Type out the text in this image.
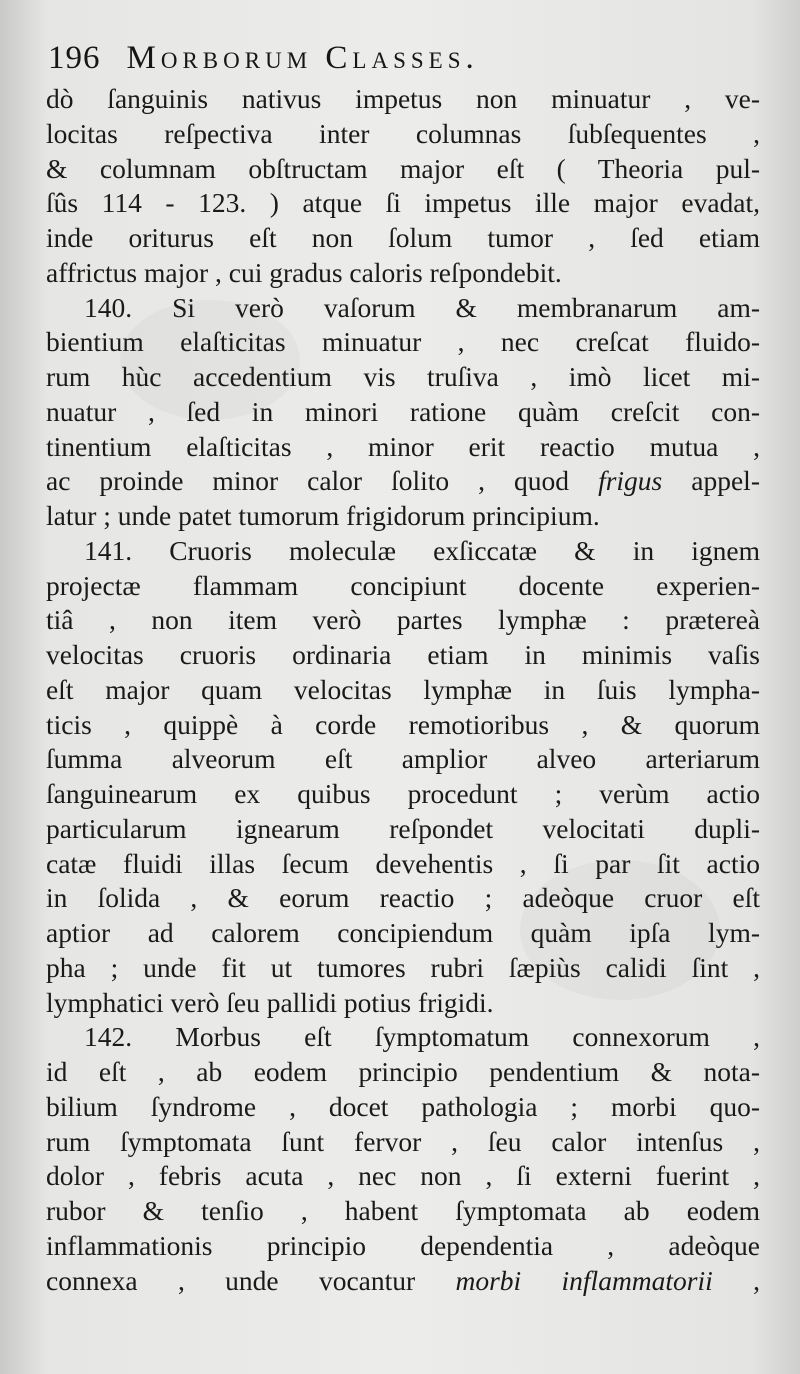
196 Morborum Classes.
dò ſanguinis nativus impetus non minuatur , ve-
locitas reſpectiva inter columnas ſubſequentes ,
& columnam obſtructam major eſt ( Theoria pul-
ſûs 114 - 123. ) atque ſi impetus ille major evadat,
inde oriturus eſt non ſolum tumor , ſed etiam
affrictus major , cui gradus caloris reſpondebit.
140. Si verò vaſorum & membranarum am-
bientium elaſticitas minuatur , nec creſcat fluido-
rum hùc accedentium vis truſiva , imò licet mi-
nuatur , ſed in minori ratione quàm creſcit con-
tinentium elaſticitas , minor erit reactio mutua ,
ac proinde minor calor ſolito , quod frigus appel-
latur ; unde patet tumorum frigidorum principium.
141. Cruoris moleculæ exſiccatæ & in ignem
projectæ flammam concipiunt docente experien-
tiâ , non item verò partes lymphæ : prætereà
velocitas cruoris ordinaria etiam in minimis vaſis
eſt major quam velocitas lymphæ in ſuis lympha-
ticis , quippè à corde remotioribus , & quorum
ſumma alveorum eſt amplior alveo arteriarum
ſanguinearum ex quibus procedunt ; verùm actio
particularum ignearum reſpondet velocitati dupli-
catæ fluidi illas ſecum devehentis , ſi par ſit actio
in ſolida , & eorum reactio ; adeòque cruor eſt
aptior ad calorem concipiendum quàm ipſa lym-
pha ; unde fit ut tumores rubri ſæpiùs calidi ſint ,
lymphatici verò ſeu pallidi potius frigidi.
142. Morbus eſt ſymptomatum connexorum ,
id eſt , ab eodem principio pendentium & nota-
bilium ſyndrome , docet pathologia ; morbi quo-
rum ſymptomata ſunt fervor , ſeu calor intenſus ,
dolor , febris acuta , nec non , ſi externi fuerint ,
rubor & tenſio , habent ſymptomata ab eodem
inflammationis principio dependentia , adeòque
connexa , unde vocantur morbi inflammatorii ,
